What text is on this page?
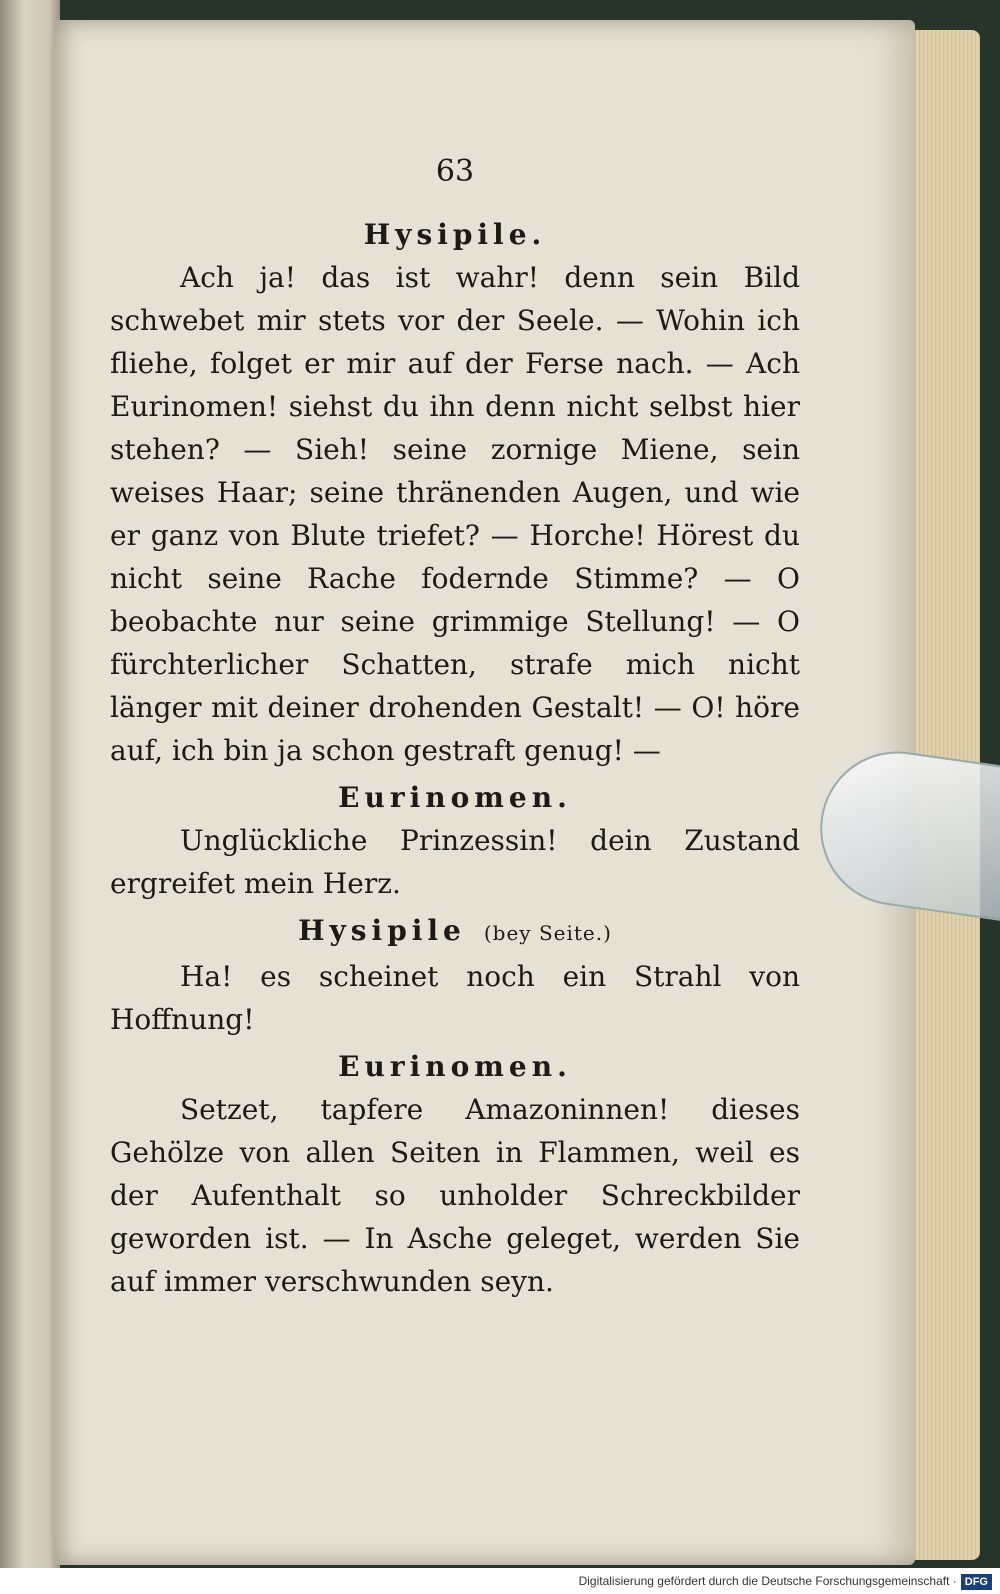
63
Hysipile.

Ach ja! das ist wahr! denn sein Bild schwebet mir stets vor der Seele. — Wohin ich fliehe, folget er mir auf der Ferse nach. — Ach Eurinomen! siehst du ihn denn nicht selbst hier stehen? — Sieh! seine zornige Miene, sein weises Haar; seine thränenden Augen, und wie er ganz von Blute triefet? — Horche! Hörest du nicht seine Rache fodernde Stimme? — O beobachte nur seine grimmige Stellung! — O fürchterlicher Schatten, strafe mich nicht länger mit deiner drohenden Gestalt! — O! höre auf, ich bin ja schon gestraft genug! —

Eurinomen.

Unglückliche Prinzessin! dein Zustand ergreifet mein Herz.

Hysipile (bey Seite.)

Ha! es scheinet noch ein Strahl von Hoffnung!

Eurinomen.

Setzet, tapfere Amazoninnen! dieses Gehölze von allen Seiten in Flammen, weil es der Aufenthalt so unholder Schreckbilder geworden ist. — In Asche geleget, werden Sie auf immer verschwunden seyn.

Digitalisierung gefördert durch die Deutsche Forschungsgemeinschaft · DFG
